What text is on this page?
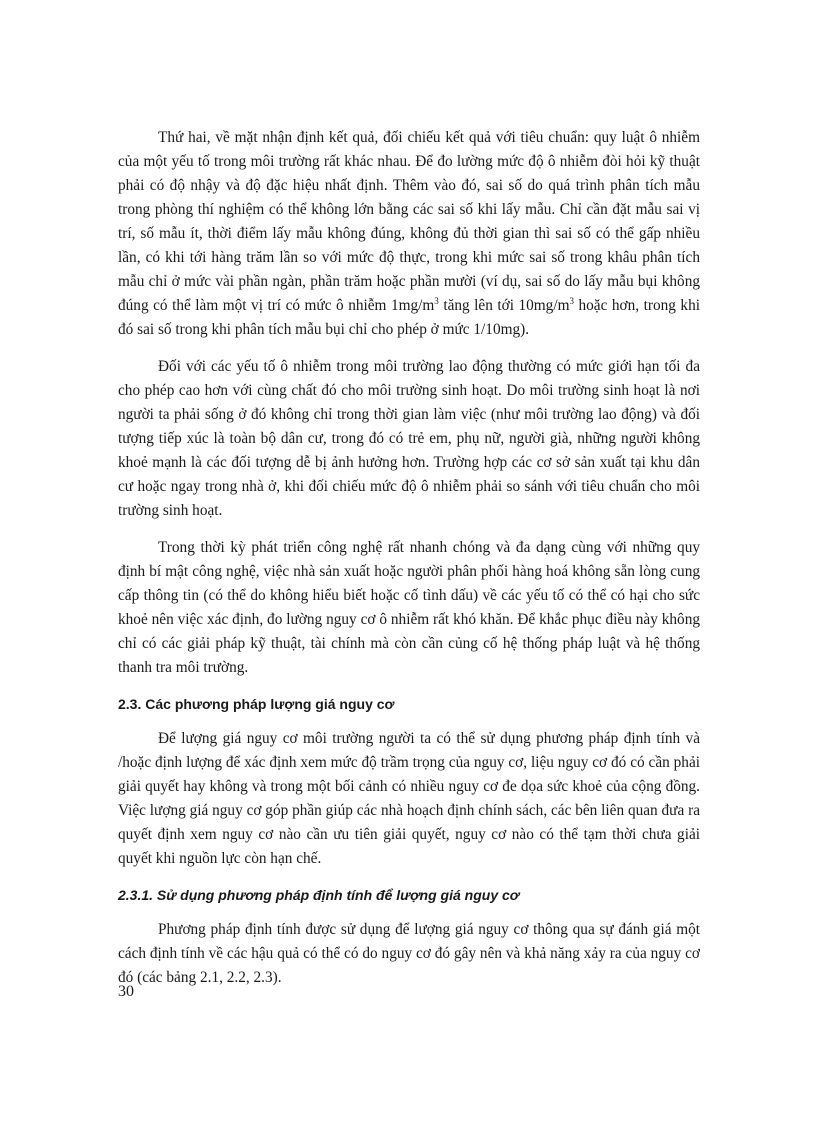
Thứ hai, về mặt nhận định kết quả, đối chiếu kết quả với tiêu chuẩn: quy luật ô nhiễm của một yếu tố trong môi trường rất khác nhau. Để đo lường mức độ ô nhiễm đòi hỏi kỹ thuật phải có độ nhậy và độ đặc hiệu nhất định. Thêm vào đó, sai số do quá trình phân tích mẫu trong phòng thí nghiệm có thể không lớn bằng các sai số khi lấy mẫu. Chỉ cần đặt mẫu sai vị trí, số mẫu ít, thời điểm lấy mẫu không đúng, không đủ thời gian thì sai số có thể gấp nhiều lần, có khi tới hàng trăm lần so với mức độ thực, trong khi mức sai số trong khâu phân tích mẫu chỉ ở mức vài phần ngàn, phần trăm hoặc phần mười (ví dụ, sai số do lấy mẫu bụi không đúng có thể làm một vị trí có mức ô nhiễm $1mg/m^3$ tăng lên tới $10mg/m^3$ hoặc hơn, trong khi đó sai số trong khi phân tích mẫu bụi chỉ cho phép ở mức 1/10mg).

Đối với các yếu tố ô nhiễm trong môi trường lao động thường có mức giới hạn tối đa cho phép cao hơn với cùng chất đó cho môi trường sinh hoạt. Do môi trường sinh hoạt là nơi người ta phải sống ở đó không chỉ trong thời gian làm việc (như môi trường lao động) và đối tượng tiếp xúc là toàn bộ dân cư, trong đó có trẻ em, phụ nữ, người già, những người không khoẻ mạnh là các đối tượng dễ bị ảnh hưởng hơn. Trường hợp các cơ sở sản xuất tại khu dân cư hoặc ngay trong nhà ở, khi đối chiếu mức độ ô nhiễm phải so sánh với tiêu chuẩn cho môi trường sinh hoạt.

Trong thời kỳ phát triển công nghệ rất nhanh chóng và đa dạng cùng với những quy định bí mật công nghệ, việc nhà sản xuất hoặc người phân phối hàng hoá không sẵn lòng cung cấp thông tin (có thể do không hiểu biết hoặc cố tình dấu) về các yếu tố có thể có hại cho sức khoẻ nên việc xác định, đo lường nguy cơ ô nhiễm rất khó khăn. Để khắc phục điều này không chỉ có các giải pháp kỹ thuật, tài chính mà còn cần củng cố hệ thống pháp luật và hệ thống thanh tra môi trường.

2.3. Các phương pháp lượng giá nguy cơ

Để lượng giá nguy cơ môi trường người ta có thể sử dụng phương pháp định tính và /hoặc định lượng để xác định xem mức độ trầm trọng của nguy cơ, liệu nguy cơ đó có cần phải giải quyết hay không và trong một bối cảnh có nhiều nguy cơ đe dọa sức khoẻ của cộng đồng. Việc lượng giá nguy cơ góp phần giúp các nhà hoạch định chính sách, các bên liên quan đưa ra quyết định xem nguy cơ nào cần ưu tiên giải quyết, nguy cơ nào có thể tạm thời chưa giải quyết khi nguồn lực còn hạn chế.

2.3.1. Sử dụng phương pháp định tính để lượng giá nguy cơ

Phương pháp định tính được sử dụng để lượng giá nguy cơ thông qua sự đánh giá một cách định tính về các hậu quả có thể có do nguy cơ đó gây nên và khả năng xảy ra của nguy cơ đó (các bảng 2.1, 2.2, 2.3).

30
